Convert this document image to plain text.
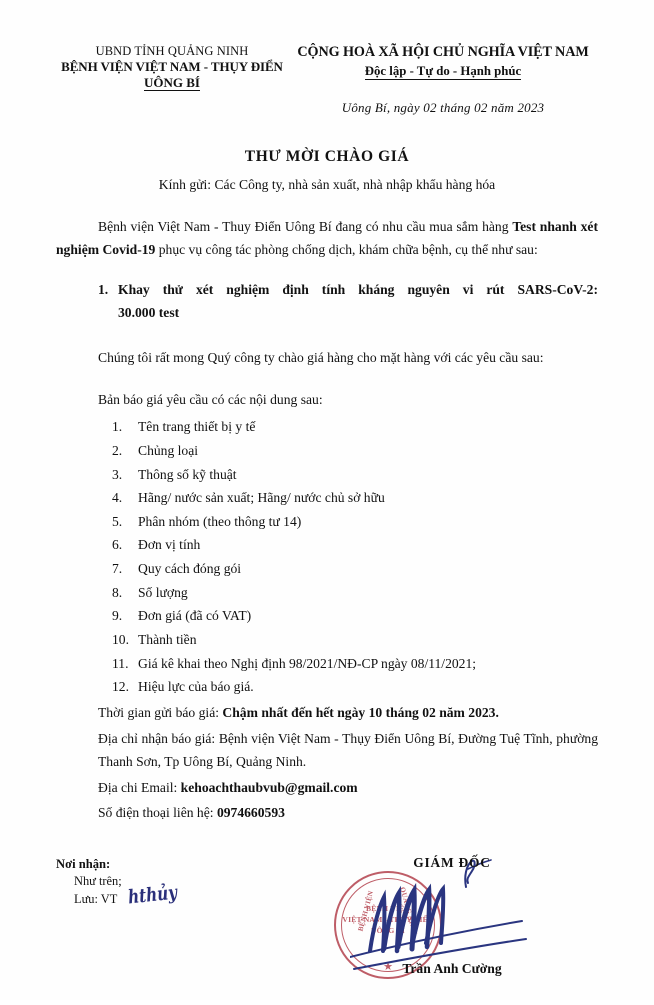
UBND TỈNH QUẢNG NINH
BỆNH VIỆN VIỆT NAM - THỤY ĐIỂN
UÔNG BÍ
CỘNG HOÀ XÃ HỘI CHỦ NGHĨA VIỆT NAM
Độc lập - Tự do - Hạnh phúc
Uông Bí, ngày 02 tháng 02 năm 2023
THƯ MỜI CHÀO GIÁ
Kính gửi: Các Công ty, nhà sản xuất, nhà nhập khẩu hàng hóa
Bệnh viện Việt Nam - Thuy Điển Uông Bí đang có nhu cầu mua sắm hàng Test nhanh xét nghiệm Covid-19 phục vụ công tác phòng chống dịch, khám chữa bệnh, cụ thể như sau:
1. Khay thử xét nghiệm định tính kháng nguyên vi rút SARS-CoV-2:
30.000 test
Chúng tôi rất mong Quý công ty chào giá hàng cho mặt hàng với các yêu cầu sau:
Bản báo giá yêu cầu có các nội dung sau:
1.	Tên trang thiết bị y tế
2.	Chủng loại
3.	Thông số kỹ thuật
4.	Hãng/ nước sản xuất; Hãng/ nước chủ sở hữu
5.	Phân nhóm (theo thông tư 14)
6.	Đơn vị tính
7.	Quy cách đóng gói
8.	Số lượng
9.	Đơn giá (đã có VAT)
10. Thành tiền
11. Giá kê khai theo Nghị định 98/2021/NĐ-CP ngày 08/11/2021;
12. Hiệu lực của báo giá.
Thời gian gửi báo giá: Chậm nhất đến hết ngày 10 tháng 02 năm 2023.
Địa chỉ nhận báo giá: Bệnh viện Việt Nam - Thụy Điển Uông Bí, Đường Tuệ Tĩnh, phường Thanh Sơn, Tp Uông Bí, Quảng Ninh.
Địa chi Email: kehoachthaubvub@gmail.com
Số điện thoại liên hệ: 0974660593
Nơi nhận:
Như trên;
Lưu: VT hthủy
GIÁM ĐỐC
BỆNH VIỆN	QUẢNG NINH
BỆNH VIỆN
VIỆT NAM - THỤY ĐIỂN
UÔNG BÍ
★ Trần Anh Cường
